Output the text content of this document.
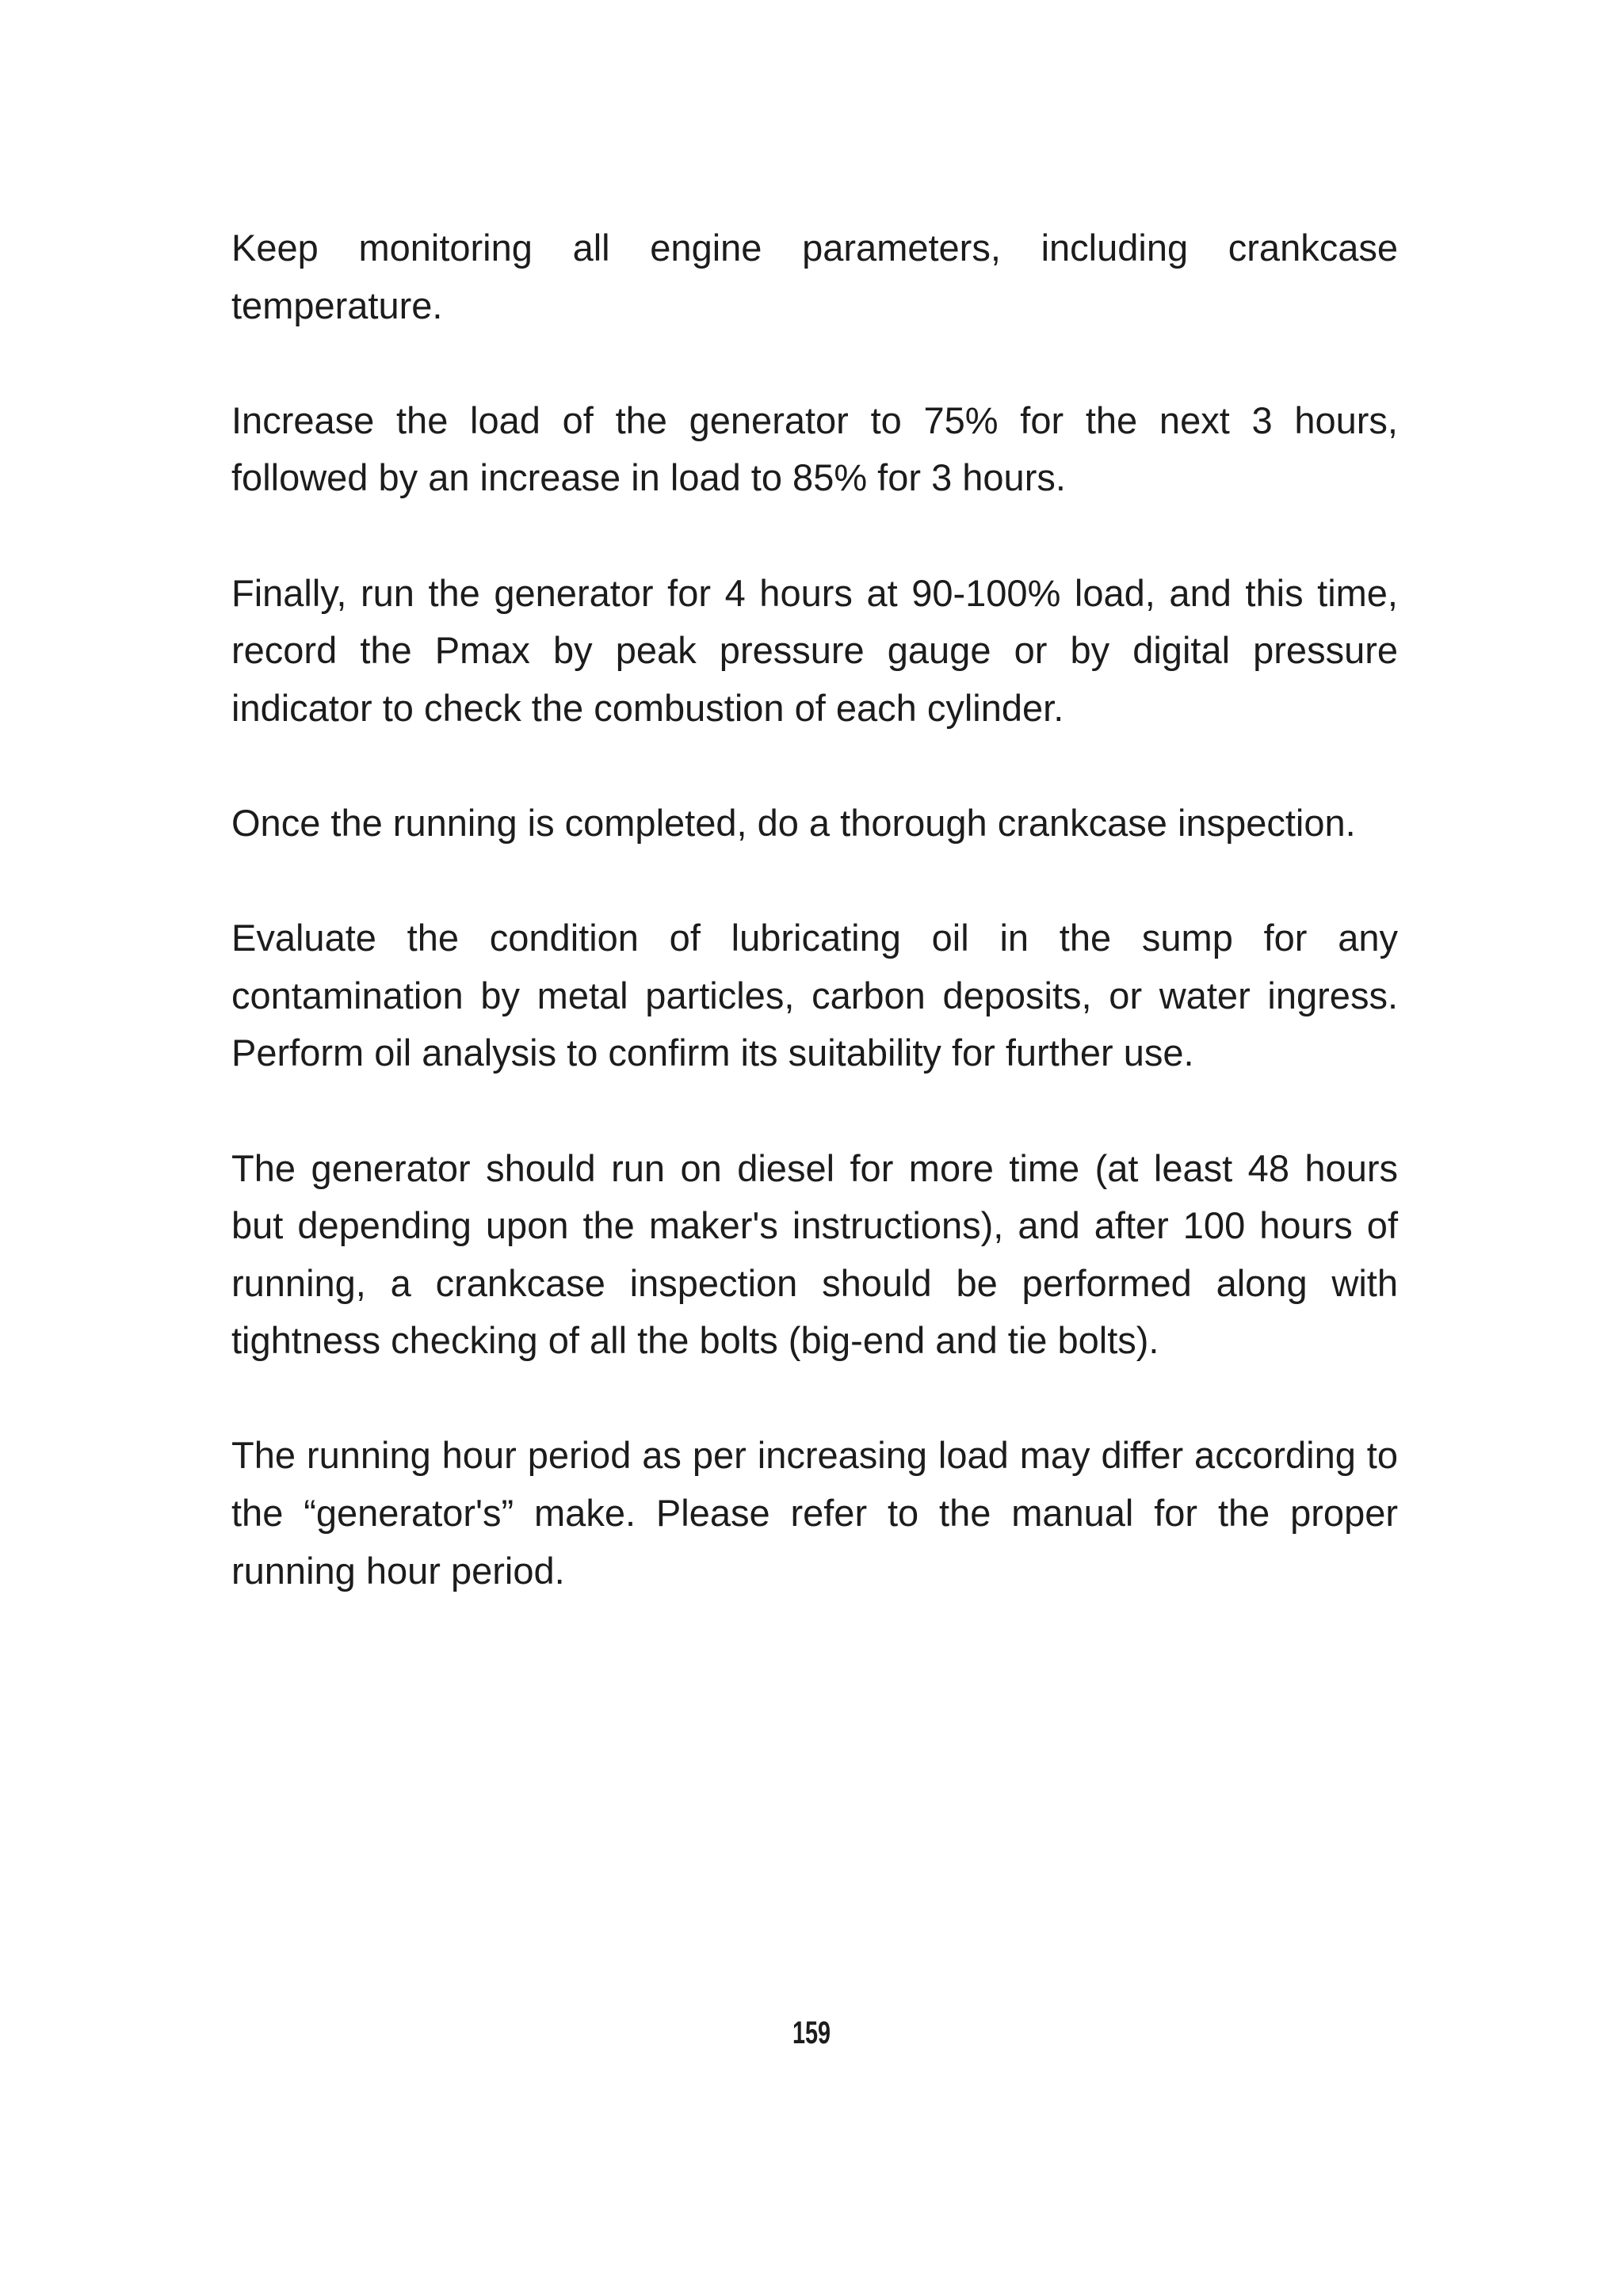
Keep monitoring all engine parameters, including crankcase temperature.

Increase the load of the generator to 75% for the next 3 hours, followed by an increase in load to 85% for 3 hours.

Finally, run the generator for 4 hours at 90-100% load, and this time, record the Pmax by peak pressure gauge or by digital pressure indicator to check the combustion of each cylinder.

Once the running is completed, do a thorough crankcase inspection.

Evaluate the condition of lubricating oil in the sump for any contamination by metal particles, carbon deposits, or water ingress. Perform oil analysis to confirm its suitability for further use.

The generator should run on diesel for more time (at least 48 hours but depending upon the maker's instructions), and after 100 hours of running, a crankcase inspection should be performed along with tightness checking of all the bolts (big-end and tie bolts).

The running hour period as per increasing load may differ according to the “generator's” make. Please refer to the manual for the proper running hour period.

159
